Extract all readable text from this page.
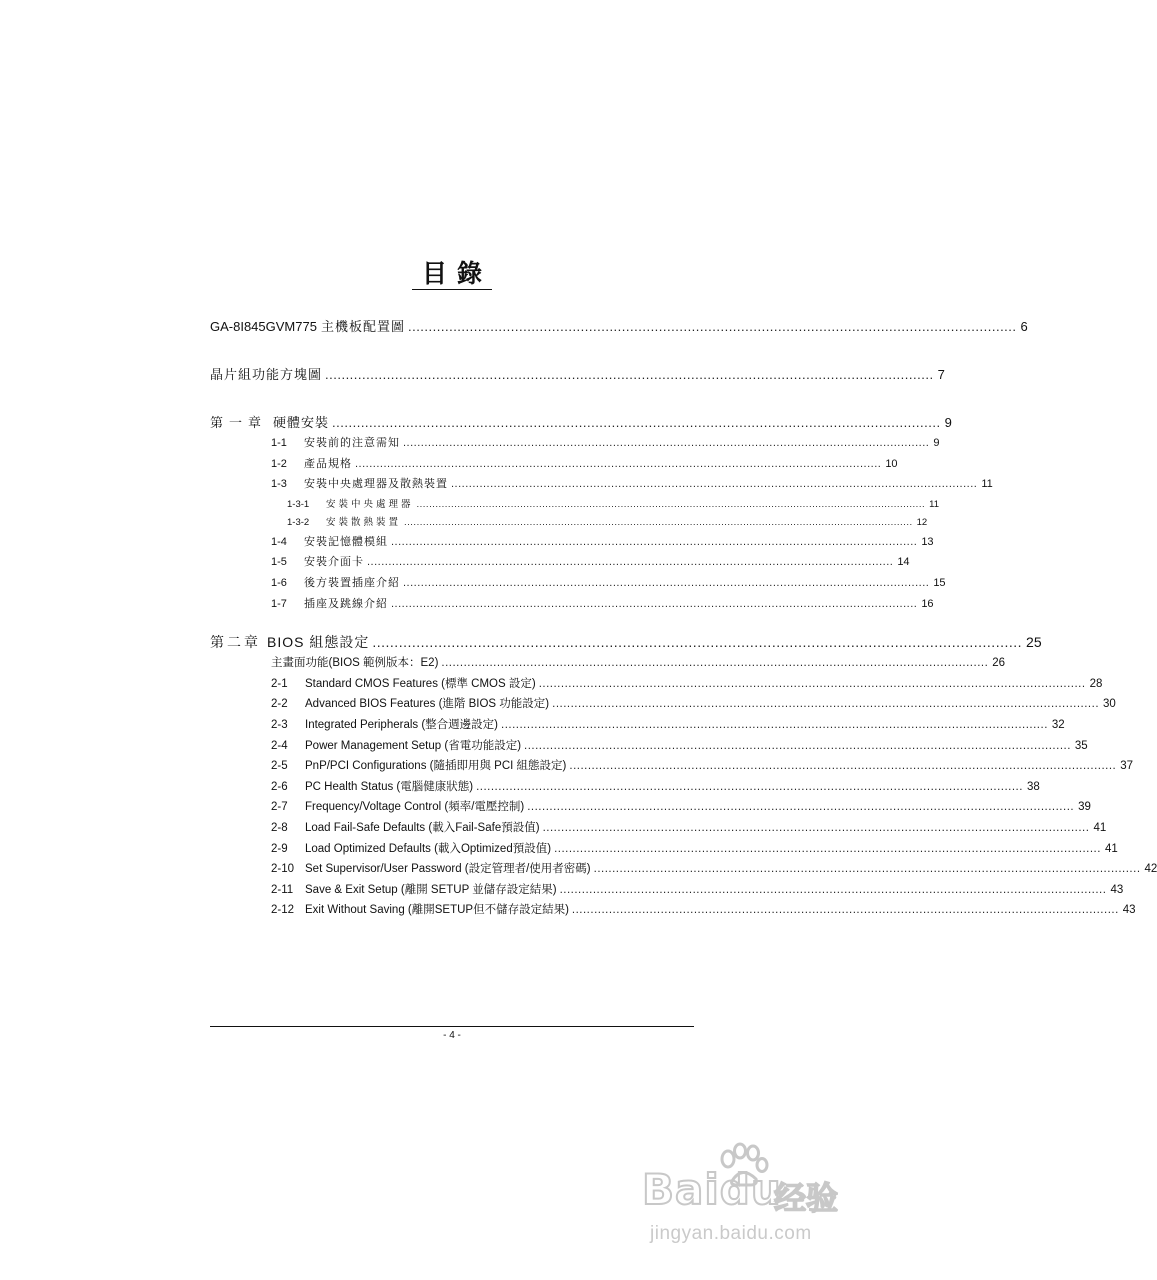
目錄
GA-8I845GVM775 主機板配置圖 .................................................................................................................................................... 6
晶片組功能方塊圖 .................................................................................................................................................... 7
第一章 硬體安裝 .................................................................................................................................................... 9
1-1	安裝前的注意需知 .................................................................................................................................................... 9
1-2	產品規格 .................................................................................................................................................... 10
1-3	安裝中央處理器及散熱裝置 .................................................................................................................................................... 11
1-3-1	安裝中央處理器 .................................................................................................................................................................. 11
1-3-2	安裝散熱裝置 .................................................................................................................................................................. 12
1-4	安裝記憶體模組 .................................................................................................................................................... 13
1-5	安裝介面卡 .................................................................................................................................................... 14
1-6	後方裝置插座介紹 .................................................................................................................................................... 15
1-7	插座及跳線介紹 .................................................................................................................................................... 16
第二章 BIOS 組態設定 .................................................................................................................................................... 25
主畫面功能(BIOS 範例版本：E2) .................................................................................................................................................... 26
2-1	Standard CMOS Features (標準 CMOS 設定) .................................................................................................................................................... 28
2-2	Advanced BIOS Features (進階 BIOS 功能設定) .................................................................................................................................................... 30
2-3	Integrated Peripherals (整合週邊設定) .................................................................................................................................................... 32
2-4	Power Management Setup (省電功能設定) .................................................................................................................................................... 35
2-5	PnP/PCI Configurations (隨插即用與 PCI 組態設定) .................................................................................................................................................... 37
2-6	PC Health Status (電腦健康狀態) .................................................................................................................................................... 38
2-7	Frequency/Voltage Control (頻率/電壓控制) .................................................................................................................................................... 39
2-8	Load Fail-Safe Defaults (載入Fail-Safe預設值) .................................................................................................................................................... 41
2-9	Load Optimized Defaults (載入Optimized預設值) .................................................................................................................................................... 41
2-10 Set Supervisor/User Password (設定管理者/使用者密碼) .................................................................................................................................................... 42
2-11	Save & Exit Setup (離開 SETUP 並儲存設定結果) .................................................................................................................................................... 43
2-12 Exit Without Saving (離開SETUP但不儲存設定結果) .................................................................................................................................................... 43
- 4 -
Baidu
经验
jingyan.baidu.com
